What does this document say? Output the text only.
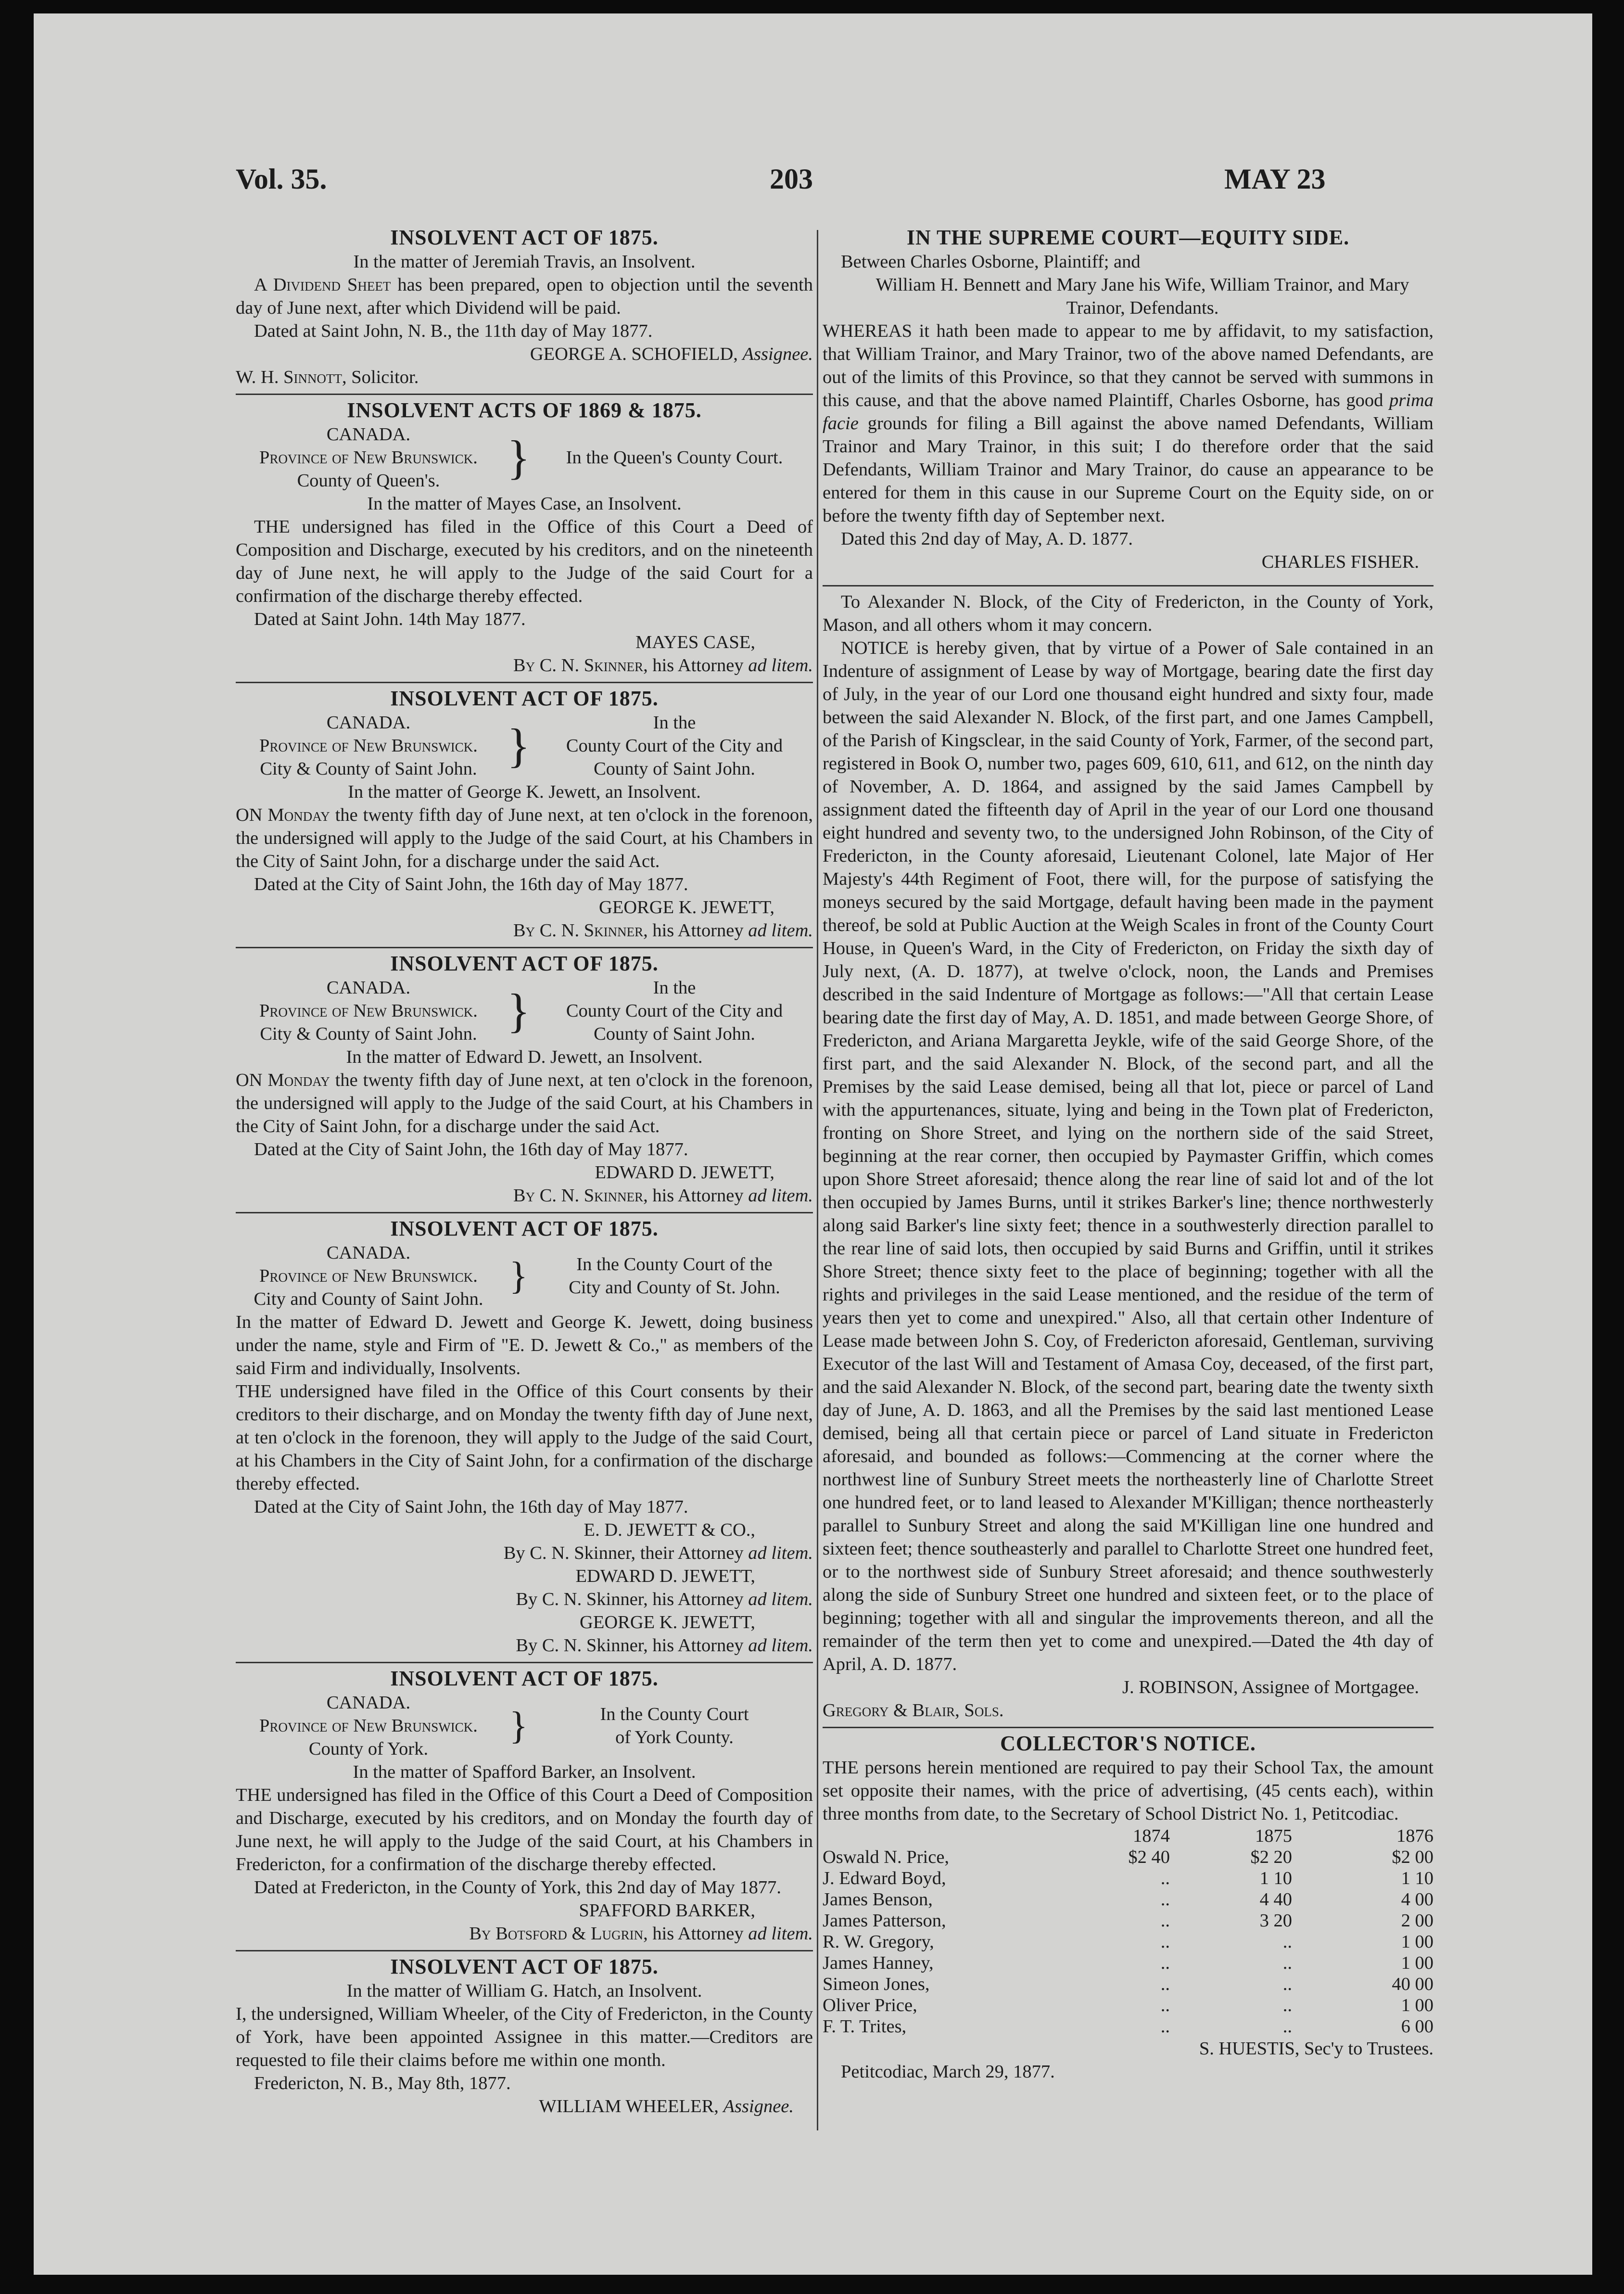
Vol. 35.	203	MAY 23
INSOLVENT ACT OF 1875.

In the matter of Jeremiah Travis, an Insolvent.

A Dividend Sheet has been prepared, open to objection until the seventh day of June next, after which Dividend will be paid.

Dated at Saint John, N. B., the 11th day of May 1877.

GEORGE A. SCHOFIELD, Assignee.

W. H. Sinnott, Solicitor.

INSOLVENT ACTS OF 1869 & 1875.
CANADA.
Province of New Brunswick.
County of Queen's.	}	In the Queen's County Court.

In the matter of Mayes Case, an Insolvent.

THE undersigned has filed in the Office of this Court a Deed of Composition and Discharge, executed by his creditors, and on the nineteenth day of June next, he will apply to the Judge of the said Court for a confirmation of the discharge thereby effected.

Dated at Saint John. 14th May 1877.

MAYES CASE,

By C. N. Skinner, his Attorney ad litem.

INSOLVENT ACT OF 1875.
CANADA.
Province of New Brunswick.
City & County of Saint John. }	In the
County Court of the City and
County of Saint John.

In the matter of George K. Jewett, an Insolvent.

ON Monday the twenty fifth day of June next, at ten o'clock in the forenoon, the undersigned will apply to the Judge of the said Court, at his Chambers in the City of Saint John, for a discharge under the said Act.

Dated at the City of Saint John, the 16th day of May 1877.

GEORGE K. JEWETT,

By C. N. Skinner, his Attorney ad litem.

INSOLVENT ACT OF 1875.
CANADA.
Province of New Brunswick.
City & County of Saint John. }	In the
County Court of the City and
County of Saint John.

In the matter of Edward D. Jewett, an Insolvent.

ON Monday the twenty fifth day of June next, at ten o'clock in the forenoon, the undersigned will apply to the Judge of the said Court, at his Chambers in the City of Saint John, for a discharge under the said Act.

Dated at the City of Saint John, the 16th day of May 1877.

EDWARD D. JEWETT,

By C. N. Skinner, his Attorney ad litem.

INSOLVENT ACT OF 1875.
CANADA.
Province of New Brunswick.
City and County of Saint John.
}	In the County Court of the
City and County of St. John.

In the matter of Edward D. Jewett and George K. Jewett, doing business under the name, style and Firm of "E. D. Jewett & Co.," as members of the said Firm and individually, Insolvents.

THE undersigned have filed in the Office of this Court consents by their creditors to their discharge, and on Monday the twenty fifth day of June next, at ten o'clock in the forenoon, they will apply to the Judge of the said Court, at his Chambers in the City of Saint John, for a confirmation of the discharge thereby effected.

Dated at the City of Saint John, the 16th day of May 1877.

E. D. JEWETT & CO.,

By C. N. Skinner, their Attorney ad litem.

EDWARD D. JEWETT,

By C. N. Skinner, his Attorney ad litem.

GEORGE K. JEWETT,

By C. N. Skinner, his Attorney ad litem.

INSOLVENT ACT OF 1875.
CANADA.
Province of New Brunswick.
County of York.
}	In the County Court
of York County.

In the matter of Spafford Barker, an Insolvent.

THE undersigned has filed in the Office of this Court a Deed of Composition and Discharge, executed by his creditors, and on Monday the fourth day of June next, he will apply to the Judge of the said Court, at his Chambers in Fredericton, for a confirmation of the discharge thereby effected.

Dated at Fredericton, in the County of York, this 2nd day of May 1877.

SPAFFORD BARKER,

By Botsford & Lugrin, his Attorney ad litem.

INSOLVENT ACT OF 1875.

In the matter of William G. Hatch, an Insolvent.

I, the undersigned, William Wheeler, of the City of Fredericton, in the County of York, have been appointed Assignee in this matter.—Creditors are requested to file their claims before me within one month.

Fredericton, N. B., May 8th, 1877.

WILLIAM WHEELER, Assignee.

IN THE SUPREME COURT—EQUITY SIDE.

Between Charles Osborne, Plaintiff; and

William H. Bennett and Mary Jane his Wife, William Trainor, and Mary Trainor, Defendants.

WHEREAS it hath been made to appear to me by affidavit, to my satisfaction, that William Trainor, and Mary Trainor, two of the above named Defendants, are out of the limits of this Province, so that they cannot be served with summons in this cause, and that the above named Plaintiff, Charles Osborne, has good prima facie grounds for filing a Bill against the above named Defendants, William Trainor and Mary Trainor, in this suit; I do therefore order that the said Defendants, William Trainor and Mary Trainor, do cause an appearance to be entered for them in this cause in our Supreme Court on the Equity side, on or before the twenty fifth day of September next.

Dated this 2nd day of May, A. D. 1877.

CHARLES FISHER.

To Alexander N. Block, of the City of Fredericton, in the County of York, Mason, and all others whom it may concern.

NOTICE is hereby given, that by virtue of a Power of Sale contained in an Indenture of assignment of Lease by way of Mortgage, bearing date the first day of July, in the year of our Lord one thousand eight hundred and sixty four, made between the said Alexander N. Block, of the first part, and one James Campbell, of the Parish of Kingsclear, in the said County of York, Farmer, of the second part, registered in Book O, number two, pages 609, 610, 611, and 612, on the ninth day of November, A. D. 1864, and assigned by the said James Campbell by assignment dated the fifteenth day of April in the year of our Lord one thousand eight hundred and seventy two, to the undersigned John Robinson, of the City of Fredericton, in the County aforesaid, Lieutenant Colonel, late Major of Her Majesty's 44th Regiment of Foot, there will, for the purpose of satisfying the moneys secured by the said Mortgage, default having been made in the payment thereof, be sold at Public Auction at the Weigh Scales in front of the County Court House, in Queen's Ward, in the City of Fredericton, on Friday the sixth day of July next, (A. D. 1877), at twelve o'clock, noon, the Lands and Premises described in the said Indenture of Mortgage as follows:—"All that certain Lease bearing date the first day of May, A. D. 1851, and made between George Shore, of Fredericton, and Ariana Margaretta Jeykle, wife of the said George Shore, of the first part, and the said Alexander N. Block, of the second part, and all the Premises by the said Lease demised, being all that lot, piece or parcel of Land with the appurtenances, situate, lying and being in the Town plat of Fredericton, fronting on Shore Street, and lying on the northern side of the said Street, beginning at the rear corner, then occupied by Paymaster Griffin, which comes upon Shore Street aforesaid; thence along the rear line of said lot and of the lot then occupied by James Burns, until it strikes Barker's line; thence northwesterly along said Barker's line sixty feet; thence in a southwesterly direction parallel to the rear line of said lots, then occupied by said Burns and Griffin, until it strikes Shore Street; thence sixty feet to the place of beginning; together with all the rights and privileges in the said Lease mentioned, and the residue of the term of years then yet to come and unexpired." Also, all that certain other Indenture of Lease made between John S. Coy, of Fredericton aforesaid, Gentleman, surviving Executor of the last Will and Testament of Amasa Coy, deceased, of the first part, and the said Alexander N. Block, of the second part, bearing date the twenty sixth day of June, A. D. 1863, and all the Premises by the said last mentioned Lease demised, being all that certain piece or parcel of Land situate in Fredericton aforesaid, and bounded as follows:—Commencing at the corner where the northwest line of Sunbury Street meets the northeasterly line of Charlotte Street one hundred feet, or to land leased to Alexander M'Killigan; thence northeasterly parallel to Sunbury Street and along the said M'Killigan line one hundred and sixteen feet; thence southeasterly and parallel to Charlotte Street one hundred feet, or to the northwest side of Sunbury Street aforesaid; and thence southwesterly along the side of Sunbury Street one hundred and sixteen feet, or to the place of beginning; together with all and singular the improvements thereon, and all the remainder of the term then yet to come and unexpired.—Dated the 4th day of April, A. D. 1877.

J. ROBINSON, Assignee of Mortgagee.

Gregory & Blair, Sols.

COLLECTOR'S NOTICE.

THE persons herein mentioned are required to pay their School Tax, the amount set opposite their names, with the price of advertising, (45 cents each), within three months from date, to the Secretary of School District No. 1, Petitcodiac.

	1874	1875	1876
Oswald N. Price,	$2 40	$2 20	$2 00
J. Edward Boyd,	..	1 10	1 10
James Benson,	..	4 40	4 00
James Patterson,	..	3 20	2 00
R. W. Gregory,	..	..	1 00
James Hanney,	..	..	1 00
Simeon Jones,	..	..	40 00
Oliver Price,	..	..	1 00
F. T. Trites,	..	..	6 00

S. HUESTIS, Sec'y to Trustees.

Petitcodiac, March 29, 1877.
